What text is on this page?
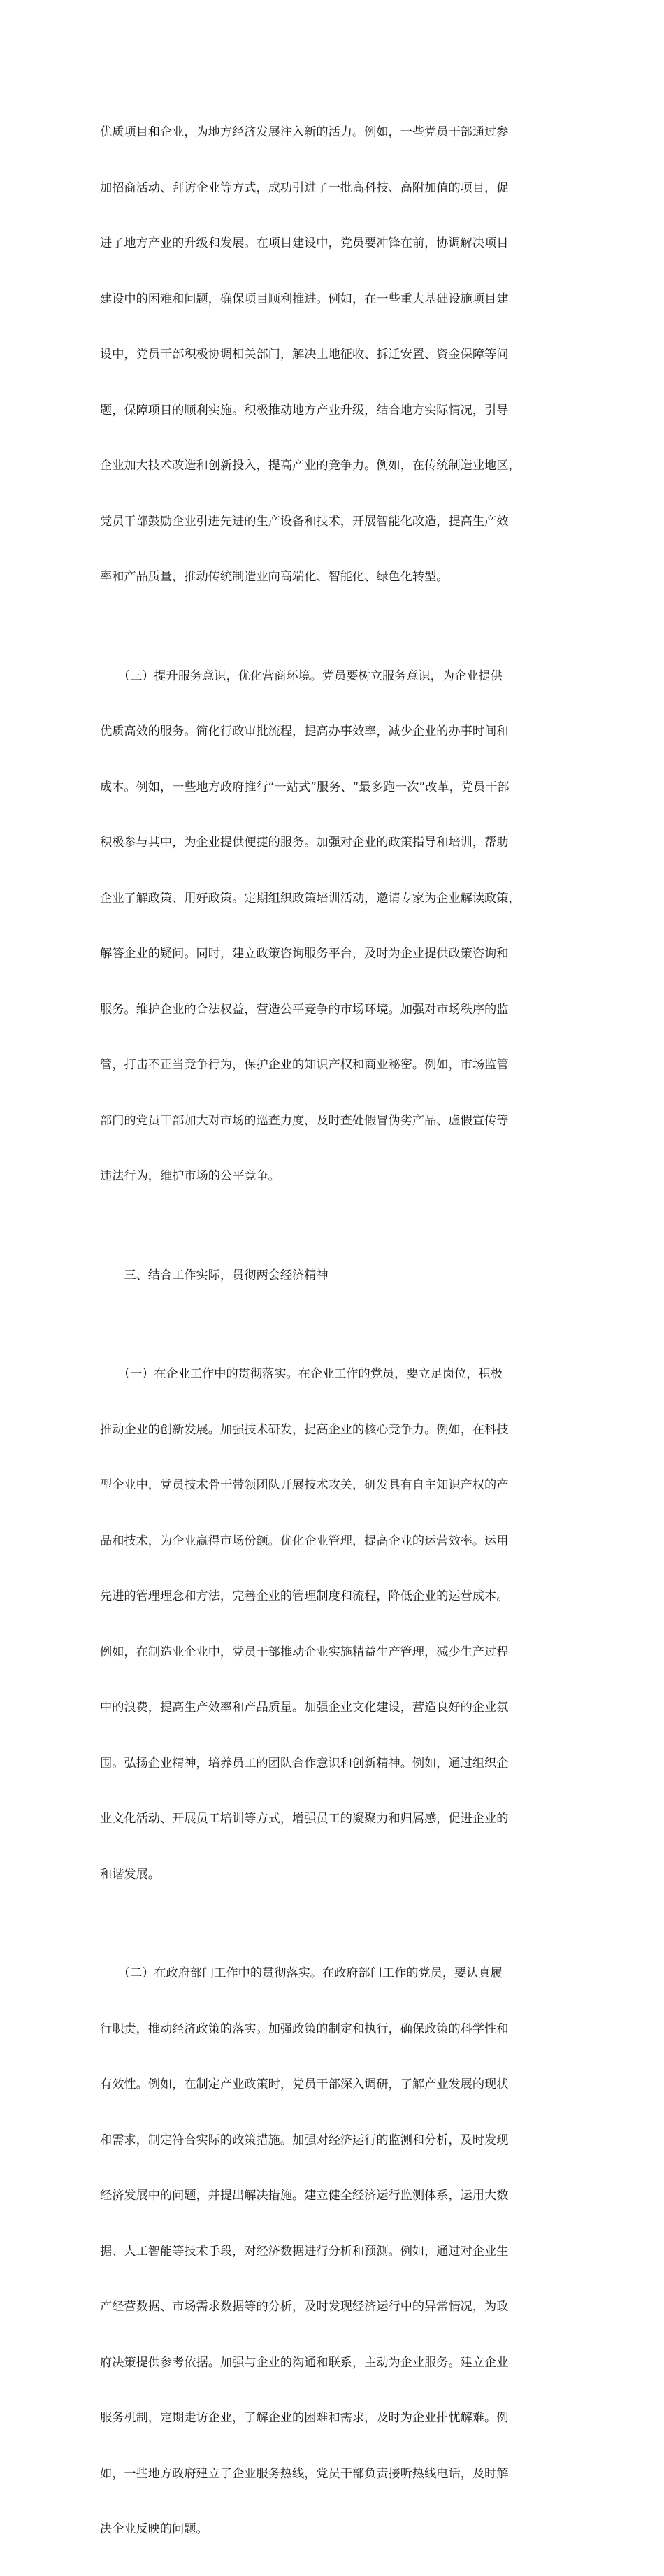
优质项目和企业，为地方经济发展注入新的活力。例如，一些党员干部通过参

加招商活动、拜访企业等方式，成功引进了一批高科技、高附加值的项目，促

进了地方产业的升级和发展。在项目建设中，党员要冲锋在前，协调解决项目

建设中的困难和问题，确保项目顺利推进。例如，在一些重大基础设施项目建

设中，党员干部积极协调相关部门，解决土地征收、拆迁安置、资金保障等问

题，保障项目的顺利实施。积极推动地方产业升级，结合地方实际情况，引导

企业加大技术改造和创新投入，提高产业的竞争力。例如，在传统制造业地区，

党员干部鼓励企业引进先进的生产设备和技术，开展智能化改造，提高生产效

率和产品质量，推动传统制造业向高端化、智能化、绿色化转型。

　　（三）提升服务意识，优化营商环境。党员要树立服务意识，为企业提供

优质高效的服务。简化行政审批流程，提高办事效率，减少企业的办事时间和

成本。例如，一些地方政府推行“一站式”服务、“最多跑一次”改革，党员干部

积极参与其中，为企业提供便捷的服务。加强对企业的政策指导和培训，帮助

企业了解政策、用好政策。定期组织政策培训活动，邀请专家为企业解读政策，

解答企业的疑问。同时，建立政策咨询服务平台，及时为企业提供政策咨询和

服务。维护企业的合法权益，营造公平竞争的市场环境。加强对市场秩序的监

管，打击不正当竞争行为，保护企业的知识产权和商业秘密。例如，市场监管

部门的党员干部加大对市场的巡查力度，及时查处假冒伪劣产品、虚假宣传等

违法行为，维护市场的公平竞争。

　　三、结合工作实际，贯彻两会经济精神

　　（一）在企业工作中的贯彻落实。在企业工作的党员，要立足岗位，积极

推动企业的创新发展。加强技术研发，提高企业的核心竞争力。例如，在科技

型企业中，党员技术骨干带领团队开展技术攻关，研发具有自主知识产权的产

品和技术，为企业赢得市场份额。优化企业管理，提高企业的运营效率。运用

先进的管理理念和方法，完善企业的管理制度和流程，降低企业的运营成本。

例如，在制造业企业中，党员干部推动企业实施精益生产管理，减少生产过程

中的浪费，提高生产效率和产品质量。加强企业文化建设，营造良好的企业氛

围。弘扬企业精神，培养员工的团队合作意识和创新精神。例如，通过组织企

业文化活动、开展员工培训等方式，增强员工的凝聚力和归属感，促进企业的

和谐发展。

　　（二）在政府部门工作中的贯彻落实。在政府部门工作的党员，要认真履

行职责，推动经济政策的落实。加强政策的制定和执行，确保政策的科学性和

有效性。例如，在制定产业政策时，党员干部深入调研，了解产业发展的现状

和需求，制定符合实际的政策措施。加强对经济运行的监测和分析，及时发现

经济发展中的问题，并提出解决措施。建立健全经济运行监测体系，运用大数

据、人工智能等技术手段，对经济数据进行分析和预测。例如，通过对企业生

产经营数据、市场需求数据等的分析，及时发现经济运行中的异常情况，为政

府决策提供参考依据。加强与企业的沟通和联系，主动为企业服务。建立企业

服务机制，定期走访企业，了解企业的困难和需求，及时为企业排忧解难。例

如，一些地方政府建立了企业服务热线，党员干部负责接听热线电话，及时解

决企业反映的问题。
